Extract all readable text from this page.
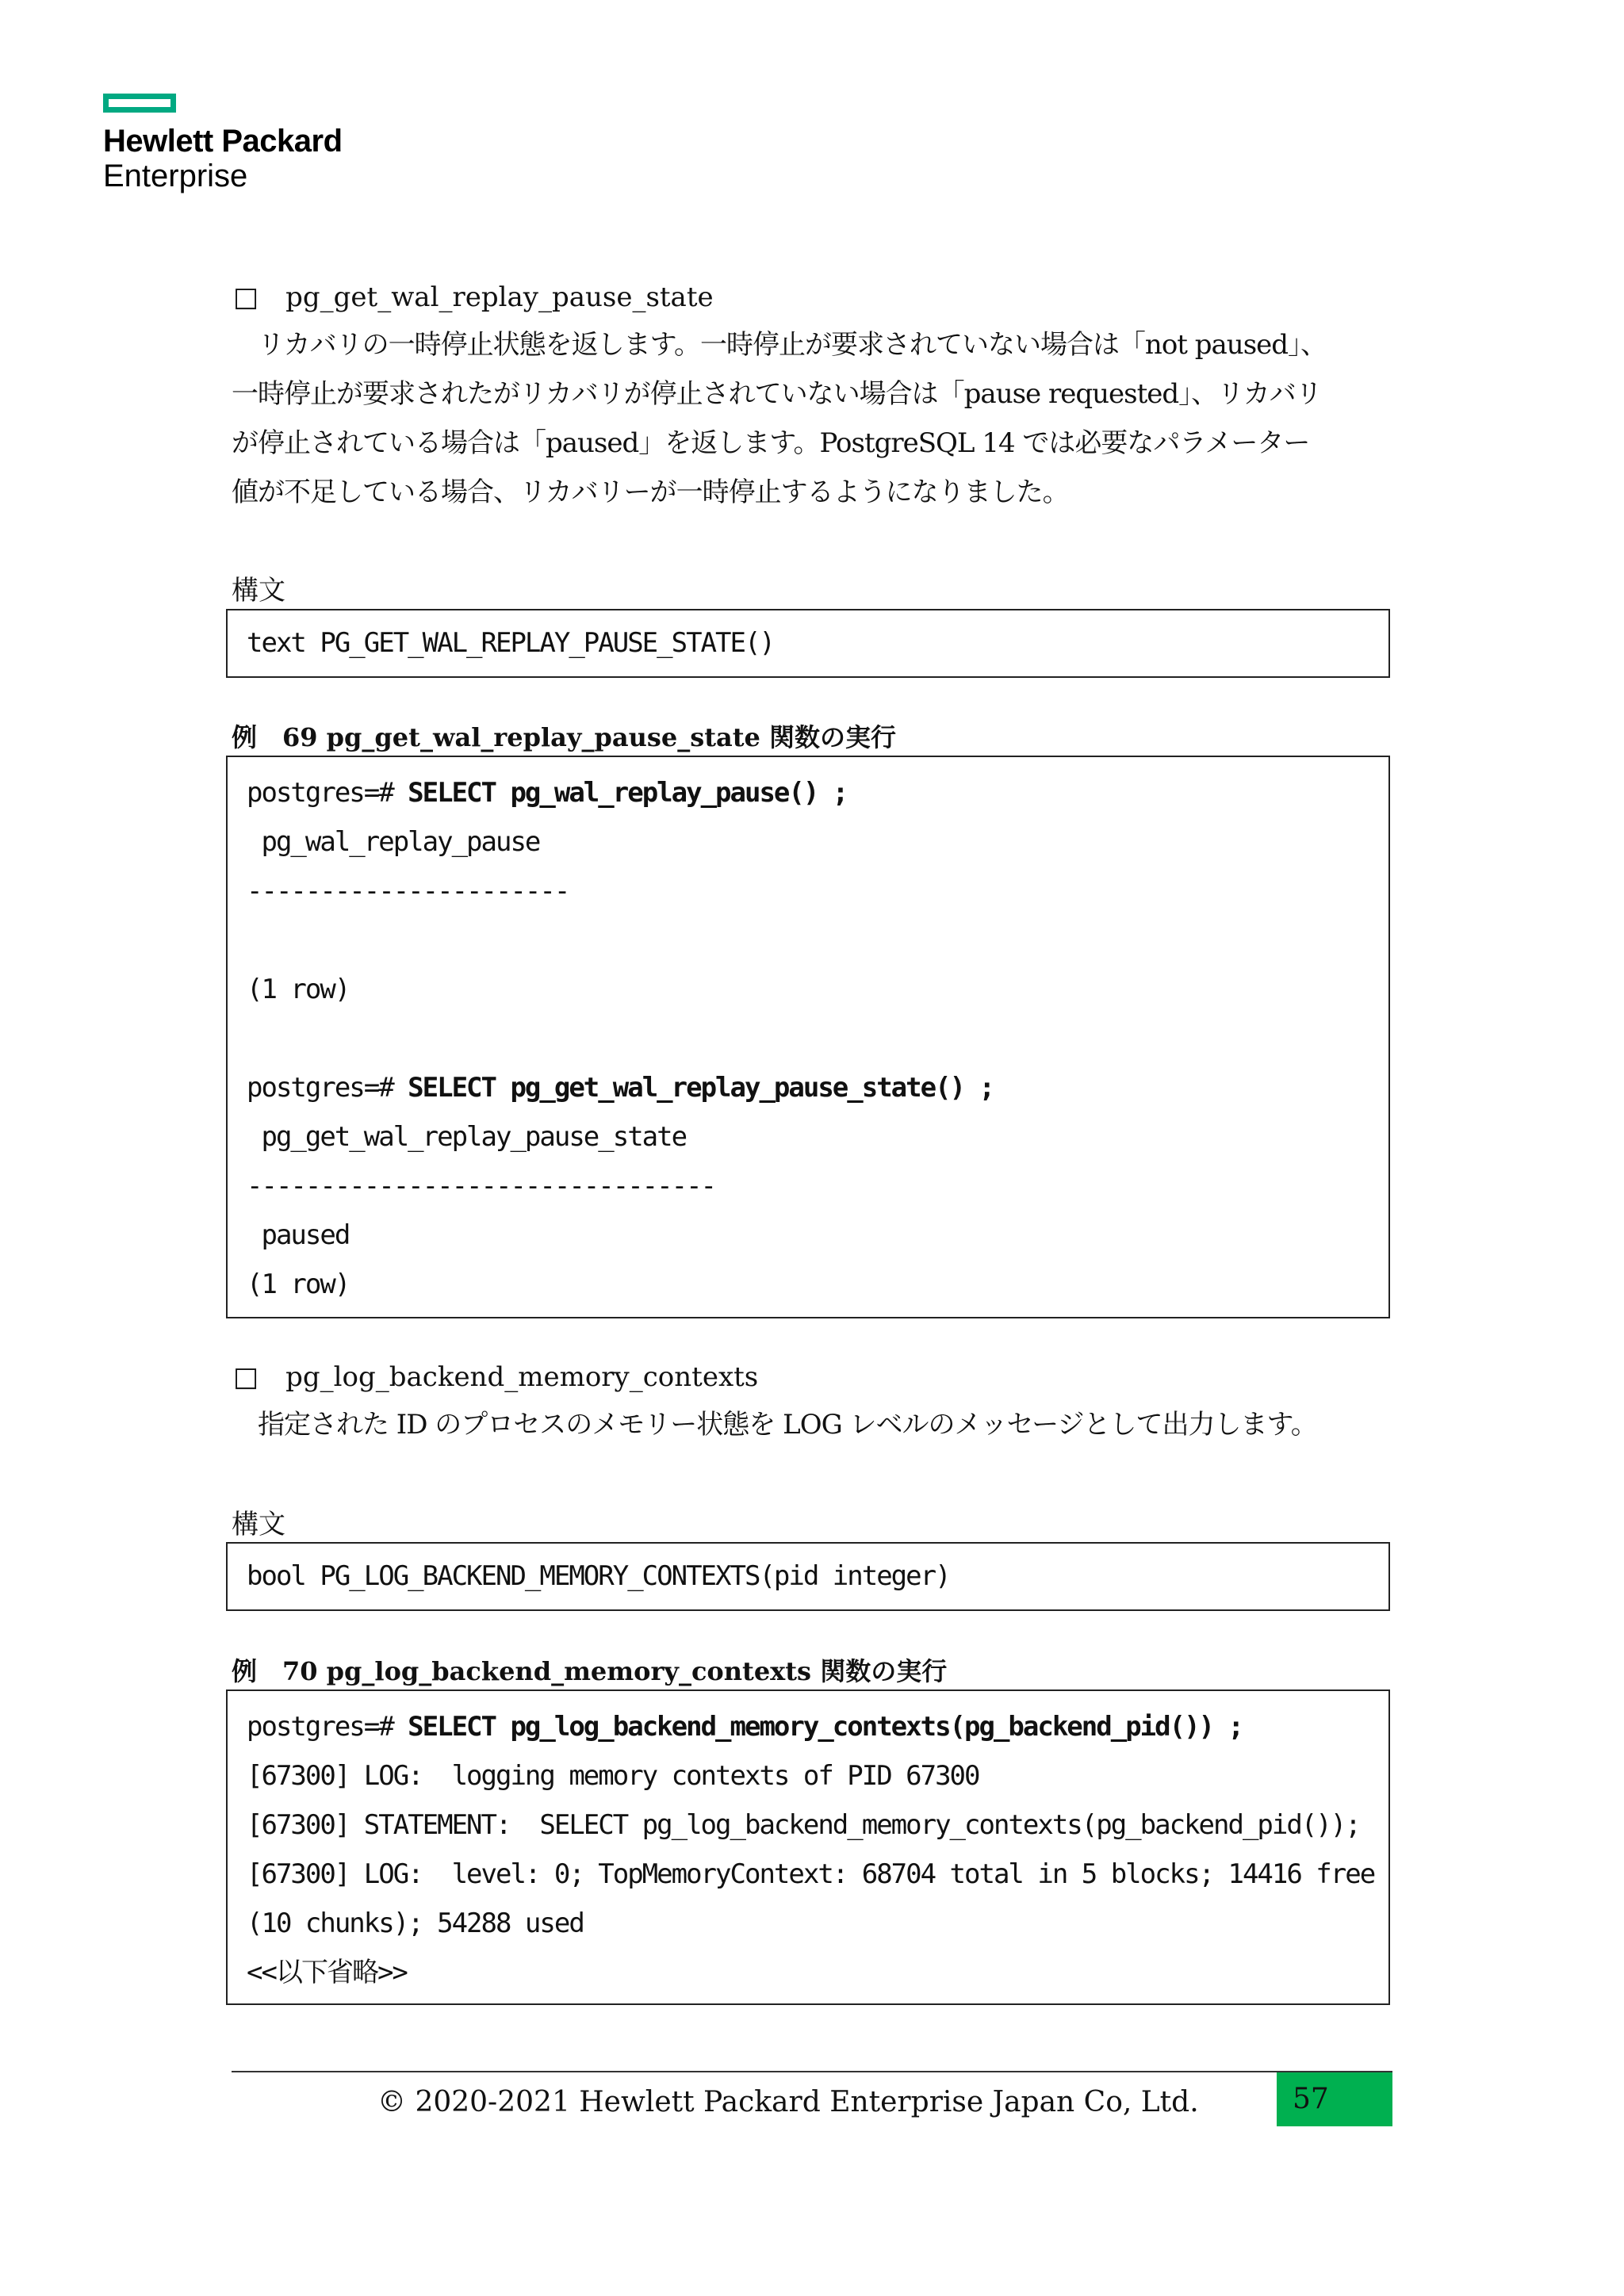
Hewlett Packard
Enterprise
□　pg_get_wal_replay_pause_state
　リカバリの一時停止状態を返します。一時停止が要求されていない場合は「not paused」、
一時停止が要求されたがリカバリが停止されていない場合は「pause requested」、リカバリ
が停止されている場合は「paused」を返します。PostgreSQL 14 では必要なパラメーター
値が不足している場合、リカバリーが一時停止するようになりました。
構文
text PG_GET_WAL_REPLAY_PAUSE_STATE()
例　69 pg_get_wal_replay_pause_state 関数の実行
postgres=# SELECT pg_wal_replay_pause() ;
pg_wal_replay_pause
----------------------
(1 row)
postgres=# SELECT pg_get_wal_replay_pause_state() ;
pg_get_wal_replay_pause_state
--------------------------------
paused
(1 row)
□　pg_log_backend_memory_contexts
　指定された ID のプロセスのメモリー状態を LOG レベルのメッセージとして出力します。
構文
bool PG_LOG_BACKEND_MEMORY_CONTEXTS(pid integer)
例　70 pg_log_backend_memory_contexts 関数の実行
postgres=# SELECT pg_log_backend_memory_contexts(pg_backend_pid()) ;
[67300] LOG:  logging memory contexts of PID 67300
[67300] STATEMENT:  SELECT pg_log_backend_memory_contexts(pg_backend_pid());
[67300] LOG:  level: 0; TopMemoryContext: 68704 total in 5 blocks; 14416 free
(10 chunks); 54288 used
<<以下省略>>
© 2020-2021 Hewlett Packard Enterprise Japan Co, Ltd.	57
